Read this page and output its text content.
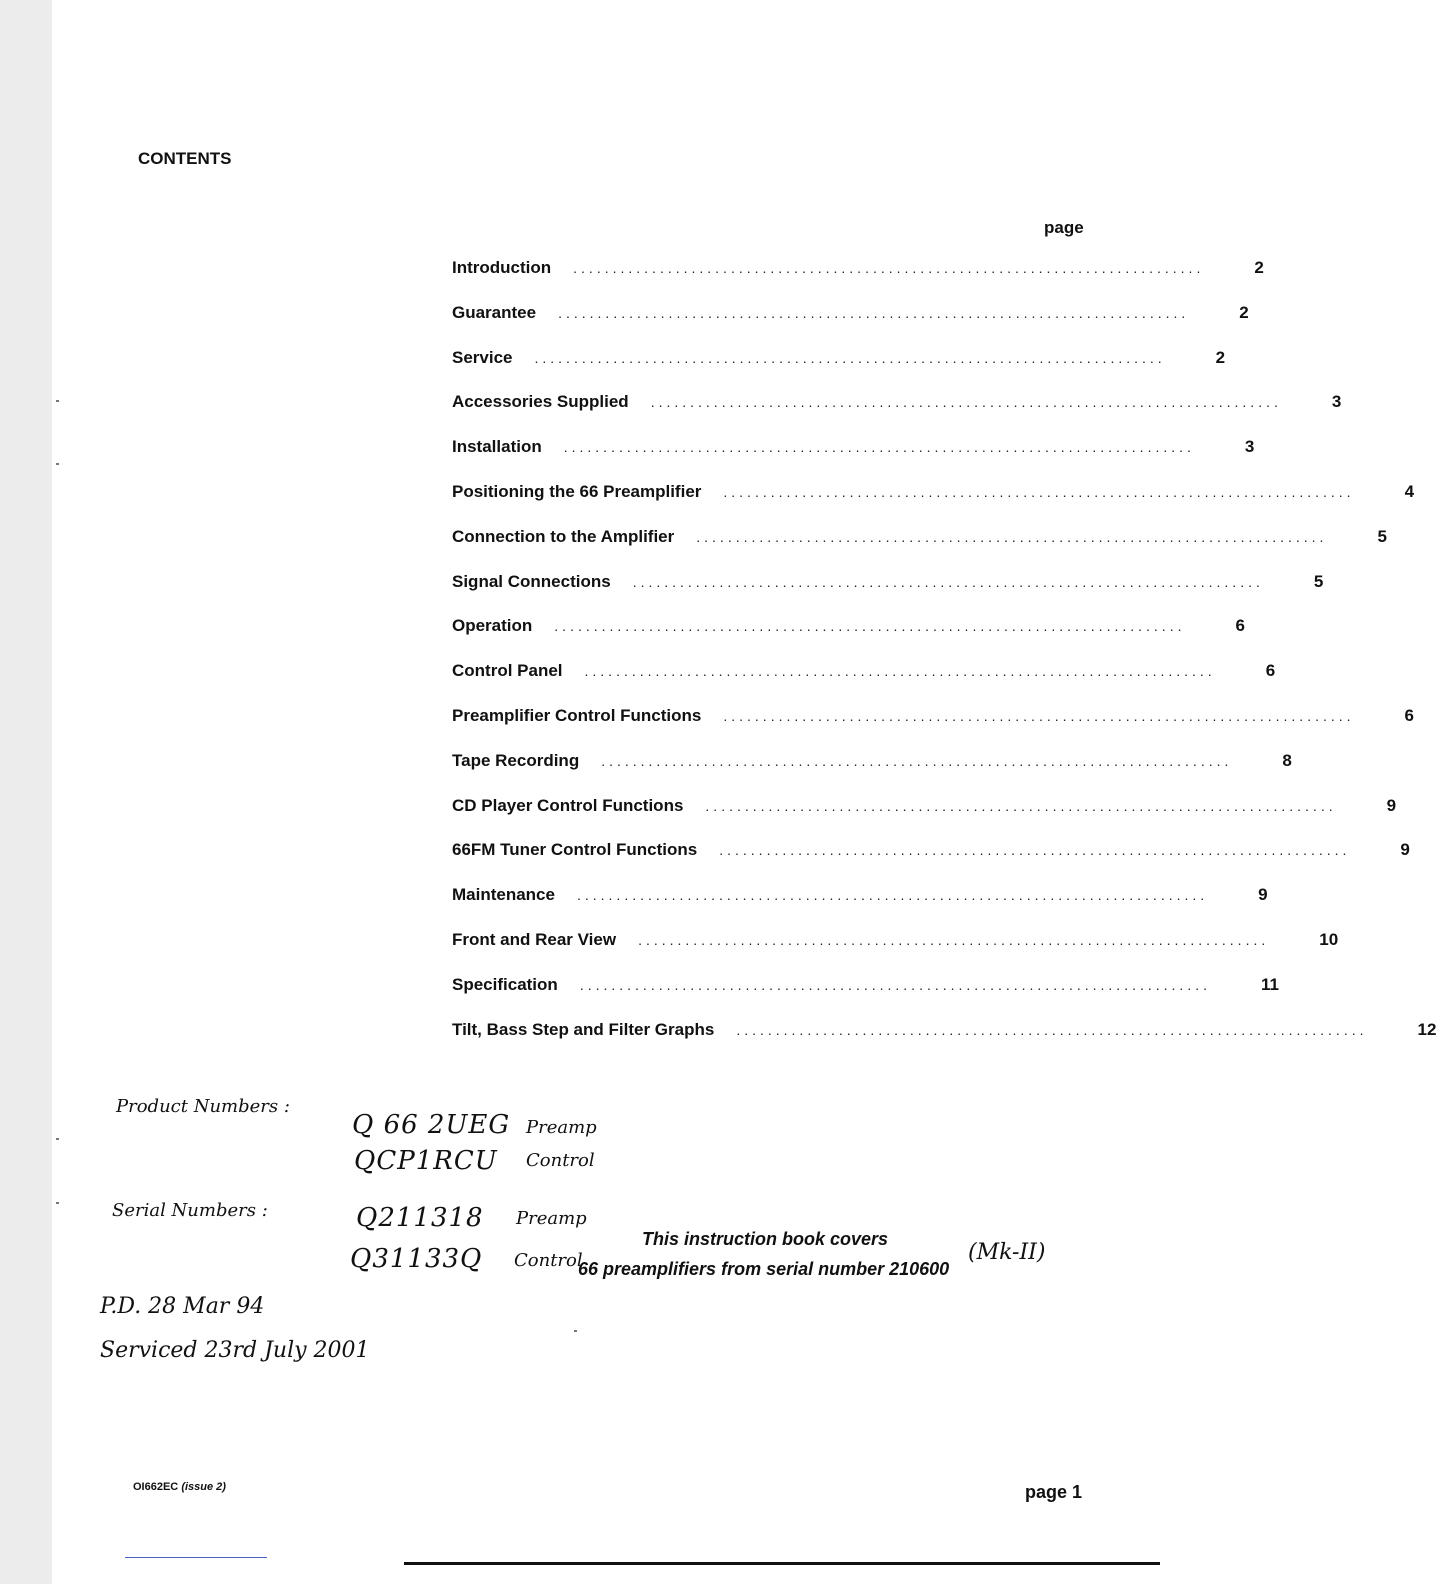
CONTENTS
page
Introduction ................................................................................	2
Guarantee ................................................................................	2
Service ................................................................................	2
Accessories Supplied ................................................................................	3
Installation ................................................................................	3
Positioning the 66 Preamplifier ................................................................................	4
Connection to the Amplifier ................................................................................	5
Signal Connections ................................................................................	5
Operation ................................................................................	6
Control Panel ................................................................................	6
Preamplifier Control Functions ................................................................................	6
Tape Recording ................................................................................	8
CD Player Control Functions ................................................................................	9
66FM Tuner Control Functions ................................................................................	9
Maintenance ................................................................................	9
Front and Rear View ................................................................................	10
Specification ................................................................................	11
Tilt, Bass Step and Filter Graphs ................................................................................	12
Product Numbers :
Q 66 2UEG Preamp
QCP1RCU Control
Serial Numbers :	Q211318 Preamp
Q31133Q Control	(Mk-II)
P.D. 28 Mar 94
Serviced 23rd July 2001
This instruction book covers
66 preamplifiers from serial number 210600
OI662EC (issue 2)	page 1
